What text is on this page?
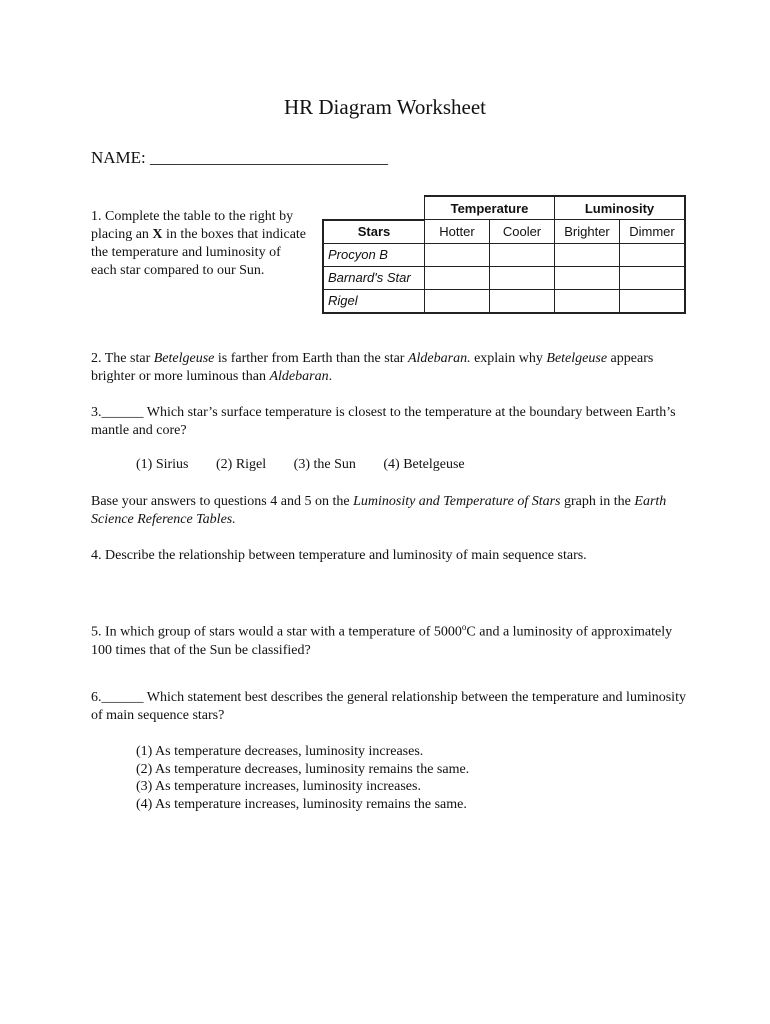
HR Diagram Worksheet
NAME: ____________________________
1. Complete the table to the right by placing an X in the boxes that indicate the temperature and luminosity of each star compared to our Sun.
	Temperature		Luminosity	
Stars	Hotter	Cooler	Brighter	Dimmer
Procyon B				
Barnard's Star				
Rigel				
2. The star Betelgeuse is farther from Earth than the star Aldebaran. explain why Betelgeuse appears brighter or more luminous than Aldebaran.
3.______ Which star’s surface temperature is closest to the temperature at the boundary between Earth’s mantle and core?
(1) Sirius (2) Rigel (3) the Sun (4) Betelgeuse
Base your answers to questions 4 and 5 on the Luminosity and Temperature of Stars graph in the Earth Science Reference Tables.
4. Describe the relationship between temperature and luminosity of main sequence stars.
5. In which group of stars would a star with a temperature of 5000$^o$C and a luminosity of approximately 100 times that of the Sun be classified?
6.______ Which statement best describes the general relationship between the temperature and luminosity of main sequence stars?
(1) As temperature decreases, luminosity increases.
(2) As temperature decreases, luminosity remains the same.
(3) As temperature increases, luminosity increases.
(4) As temperature increases, luminosity remains the same.
